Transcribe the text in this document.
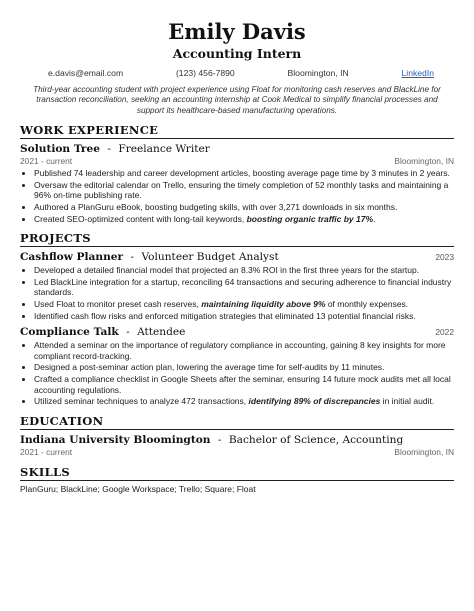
Emily Davis
Accounting Intern
e.davis@email.com	(123) 456-7890	Bloomington, IN	LinkedIn
Third-year accounting student with project experience using Float for monitoring cash reserves and BlackLine for transaction reconciliation, seeking an accounting internship at Cook Medical to simplify financial processes and support its healthcare-based manufacturing operations.
WORK EXPERIENCE
Solution Tree - Freelance Writer
2021 - current	Bloomington, IN
• Published 74 leadership and career development articles, boosting average page time by 3 minutes in 2 years.
• Oversaw the editorial calendar on Trello, ensuring the timely completion of 52 monthly tasks and maintaining a 96% on-time publishing rate.
• Authored a PlanGuru eBook, boosting budgeting skills, with over 3,271 downloads in six months.
• Created SEO-optimized content with long-tail keywords, boosting organic traffic by 17%.
PROJECTS
Cashflow Planner - Volunteer Budget Analyst	2023
• Developed a detailed financial model that projected an 8.3% ROI in the first three years for the startup.
• Led BlackLine integration for a startup, reconciling 64 transactions and securing adherence to financial industry standards.
• Used Float to monitor preset cash reserves, maintaining liquidity above 9% of monthly expenses.
• Identified cash flow risks and enforced mitigation strategies that eliminated 13 potential financial risks.
Compliance Talk - Attendee	2022
• Attended a seminar on the importance of regulatory compliance in accounting, gaining 8 key insights for more compliant record-tracking.
• Designed a post-seminar action plan, lowering the average time for self-audits by 11 minutes.
• Crafted a compliance checklist in Google Sheets after the seminar, ensuring 14 future mock audits met all local accounting regulations.
• Utilized seminar techniques to analyze 472 transactions, identifying 89% of discrepancies in initial audit.
EDUCATION
Indiana University Bloomington - Bachelor of Science, Accounting
2021 - current	Bloomington, IN
SKILLS
PlanGuru; BlackLine; Google Workspace; Trello; Square; Float
